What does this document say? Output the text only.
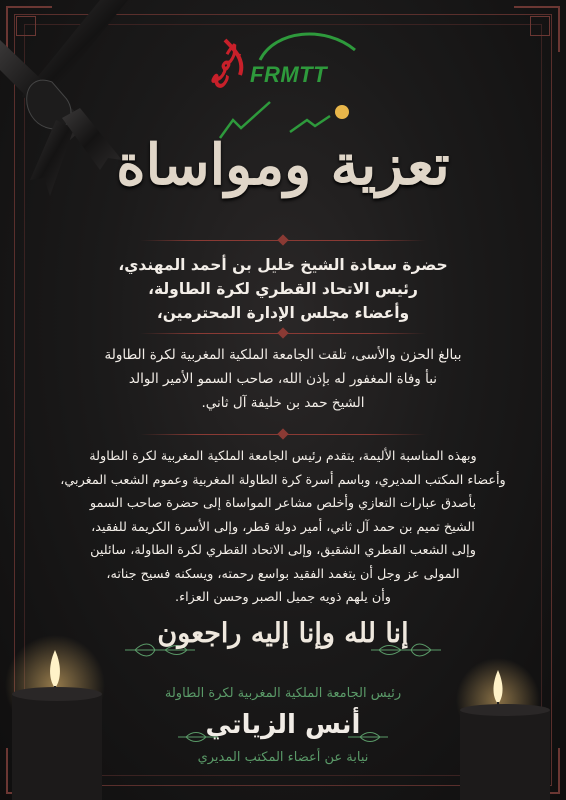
جمع FRMTT
تعزية ومواساة
حضرة سعادة الشيخ خليل بن أحمد المهندي،
رئيس الاتحاد القطري لكرة الطاولة،
وأعضاء مجلس الإدارة المحترمين،
ببالغ الحزن والأسى، تلقت الجامعة الملكية المغربية لكرة الطاولة
نبأ وفاة المغفور له بإذن الله، صاحب السمو الأمير الوالد
الشيخ حمد بن خليفة آل ثاني.
وبهذه المناسبة الأليمة، يتقدم رئيس الجامعة الملكية المغربية لكرة الطاولة
وأعضاء المكتب المديري، وباسم أسرة كرة الطاولة المغربية وعموم الشعب المغربي،
بأصدق عبارات التعازي وأخلص مشاعر المواساة إلى حضرة صاحب السمو
الشيخ تميم بن حمد آل ثاني، أمير دولة قطر، وإلى الأسرة الكريمة للفقيد،
وإلى الشعب القطري الشقيق، وإلى الاتحاد القطري لكرة الطاولة، سائلين
المولى عز وجل أن يتغمد الفقيد بواسع رحمته، ويسكنه فسيح جناته،
وأن يلهم ذويه جميل الصبر وحسن العزاء.
إنا لله وإنا إليه راجعون
رئيس الجامعة الملكية المغربية لكرة الطاولة
أنس الزياتي
نيابة عن أعضاء المكتب المديري
